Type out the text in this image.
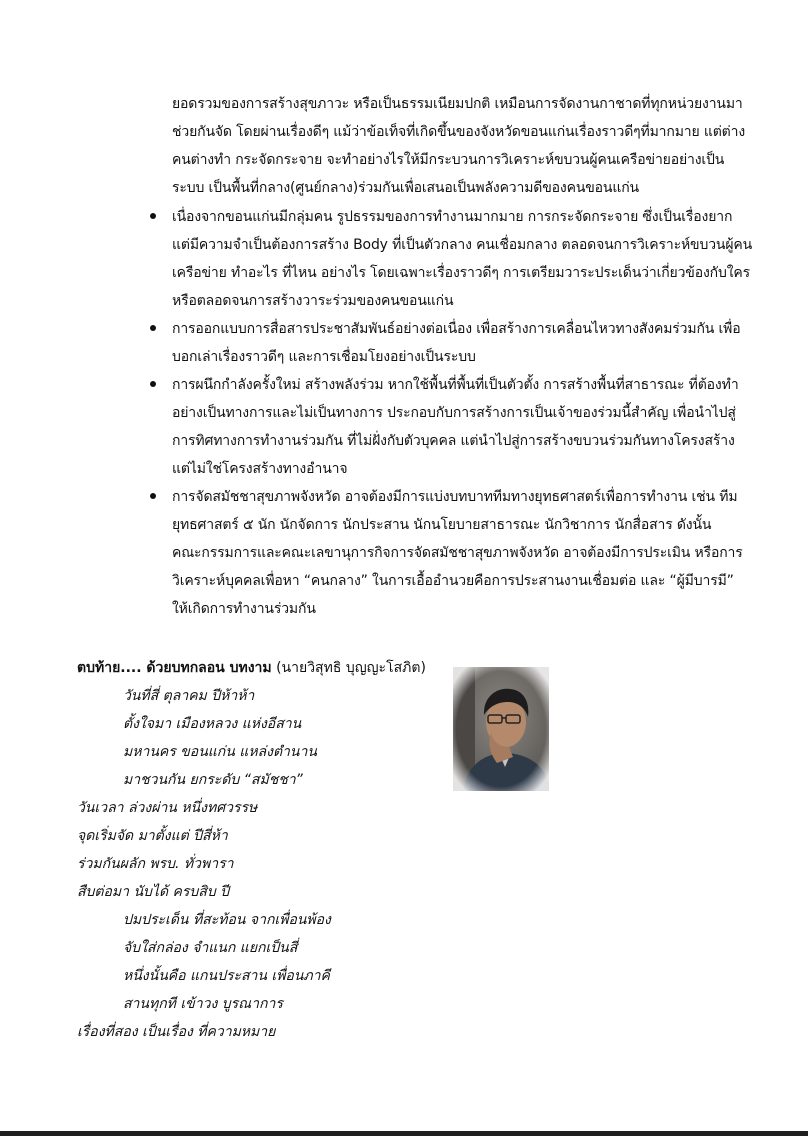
ยอดรวมของการสร้างสุขภาวะ หรือเป็นธรรมเนียมปกติ เหมือนการจัดงานกาชาดที่ทุกหน่วยงานมา
ช่วยกันจัด โดยผ่านเรื่องดีๆ แม้ว่าข้อเท็จที่เกิดขึ้นของจังหวัดขอนแก่นเรื่องราวดีๆที่มากมาย แต่ต่าง
คนต่างทำ กระจัดกระจาย จะทำอย่างไรให้มีกระบวนการวิเคราะห์ขบวนผู้คนเครือข่ายอย่างเป็น
ระบบ เป็นพื้นที่กลาง(ศูนย์กลาง)ร่วมกันเพื่อเสนอเป็นพลังความดีของคนขอนแก่น
เนื่องจากขอนแก่นมีกลุ่มคน รูปธรรมของการทำงานมากมาย การกระจัดกระจาย ซึ่งเป็นเรื่องยาก
แต่มีความจำเป็นต้องการสร้าง Body ที่เป็นตัวกลาง คนเชื่อมกลาง ตลอดจนการวิเคราะห์ขบวนผู้คน
เครือข่าย ทำอะไร ที่ไหน อย่างไร โดยเฉพาะเรื่องราวดีๆ การเตรียมวาระประเด็นว่าเกี่ยวข้องกับใคร
หรือตลอดจนการสร้างวาระร่วมของคนขอนแก่น
การออกแบบการสื่อสารประชาสัมพันธ์อย่างต่อเนื่อง เพื่อสร้างการเคลื่อนไหวทางสังคมร่วมกัน เพื่อ
บอกเล่าเรื่องราวดีๆ และการเชื่อมโยงอย่างเป็นระบบ
การผนึกกำลังครั้งใหม่ สร้างพลังร่วม หากใช้พื้นที่พื้นที่เป็นตัวตั้ง การสร้างพื้นที่สาธารณะ ที่ต้องทำ
อย่างเป็นทางการและไม่เป็นทางการ ประกอบกับการสร้างการเป็นเจ้าของร่วมนี้สำคัญ เพื่อนำไปสู่
การทิศทางการทำงานร่วมกัน ที่ไม่ฝั่งกับตัวบุคคล แต่นำไปสู่การสร้างขบวนร่วมกันทางโครงสร้าง
แต่ไม่ใช่โครงสร้างทางอำนาจ
การจัดสมัชชาสุขภาพจังหวัด อาจต้องมีการแบ่งบทบาททีมทางยุทธศาสตร์เพื่อการทำงาน เช่น ทีม
ยุทธศาสตร์ ๕ นัก นักจัดการ นักประสาน นักนโยบายสาธารณะ นักวิชาการ นักสื่อสาร ดังนั้น
คณะกรรมการและคณะเลขานุการกิจการจัดสมัชชาสุขภาพจังหวัด อาจต้องมีการประเมิน หรือการ
วิเคราะห์บุคคลเพื่อหา “คนกลาง” ในการเอื้ออำนวยคือการประสานงานเชื่อมต่อ และ “ผู้มีบารมี”
ให้เกิดการทำงานร่วมกัน
ตบท้าย.... ด้วยบทกลอน บทงาม (นายวิสุทธิ บุญญะโสภิต)
วันที่สี่ ตุลาคม ปีห้าห้า
ตั้งใจมา เมืองหลวง แห่งอีสาน
มหานคร ขอนแก่น แหล่งตำนาน
มาชวนกัน ยกระดับ “สมัชชา”
วันเวลา ล่วงผ่าน หนึ่งทศวรรษ
จุดเริ่มจัด มาตั้งแต่ ปีสี่ห้า
ร่วมกันผลัก พรบ. ทั่วพารา
สืบต่อมา นับได้ ครบสิบ ปี
ปมประเด็น ที่สะท้อน จากเพื่อนพ้อง
จับใส่กล่อง จำแนก แยกเป็นสี่
หนึ่งนั้นคือ แกนประสาน เพื่อนภาคี
สานทุกที เข้าวง บูรณาการ
เรื่องที่สอง เป็นเรื่อง ที่ความหมาย
